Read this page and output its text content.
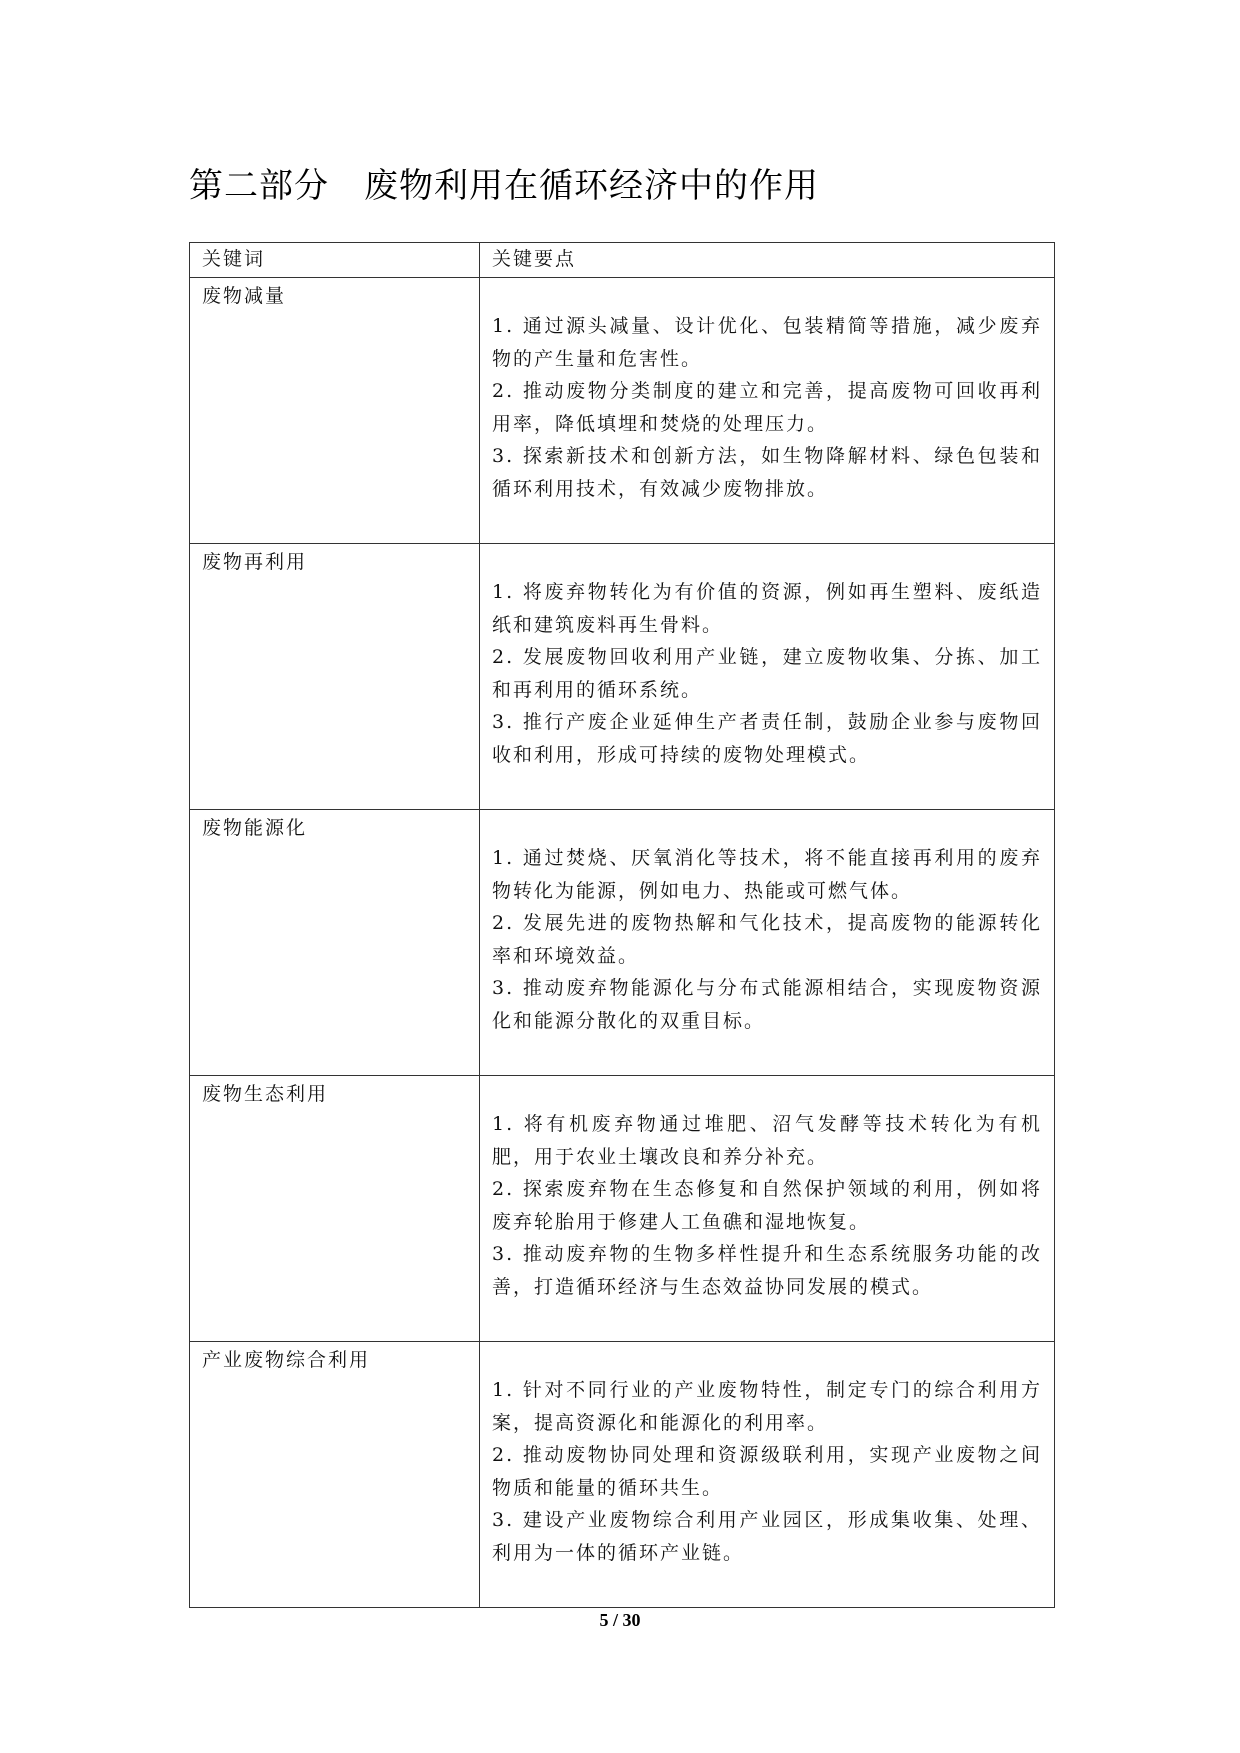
第二部分　废物利用在循环经济中的作用
关键词	关键要点
废物减量	1. 通过源头减量、设计优化、包装精简等措施，减少废弃物的产生量和危害性。

2. 推动废物分类制度的建立和完善，提高废物可回收再利用率，降低填埋和焚烧的处理压力。

3. 探索新技术和创新方法，如生物降解材料、绿色包装和循环利用技术，有效减少废物排放。

废物再利用	1. 将废弃物转化为有价值的资源，例如再生塑料、废纸造纸和建筑废料再生骨料。

2. 发展废物回收利用产业链，建立废物收集、分拣、加工和再利用的循环系统。

3. 推行产废企业延伸生产者责任制，鼓励企业参与废物回收和利用，形成可持续的废物处理模式。

废物能源化	1. 通过焚烧、厌氧消化等技术，将不能直接再利用的废弃物转化为能源，例如电力、热能或可燃气体。

2. 发展先进的废物热解和气化技术，提高废物的能源转化率和环境效益。

3. 推动废弃物能源化与分布式能源相结合，实现废物资源化和能源分散化的双重目标。

废物生态利用	1. 将有机废弃物通过堆肥、沼气发酵等技术转化为有机肥，用于农业土壤改良和养分补充。

2. 探索废弃物在生态修复和自然保护领域的利用，例如将废弃轮胎用于修建人工鱼礁和湿地恢复。

3. 推动废弃物的生物多样性提升和生态系统服务功能的改善，打造循环经济与生态效益协同发展的模式。

产业废物综合利用	1. 针对不同行业的产业废物特性，制定专门的综合利用方案，提高资源化和能源化的利用率。

2. 推动废物协同处理和资源级联利用，实现产业废物之间物质和能量的循环共生。

3. 建设产业废物综合利用产业园区，形成集收集、处理、利用为一体的循环产业链。

5 / 30
